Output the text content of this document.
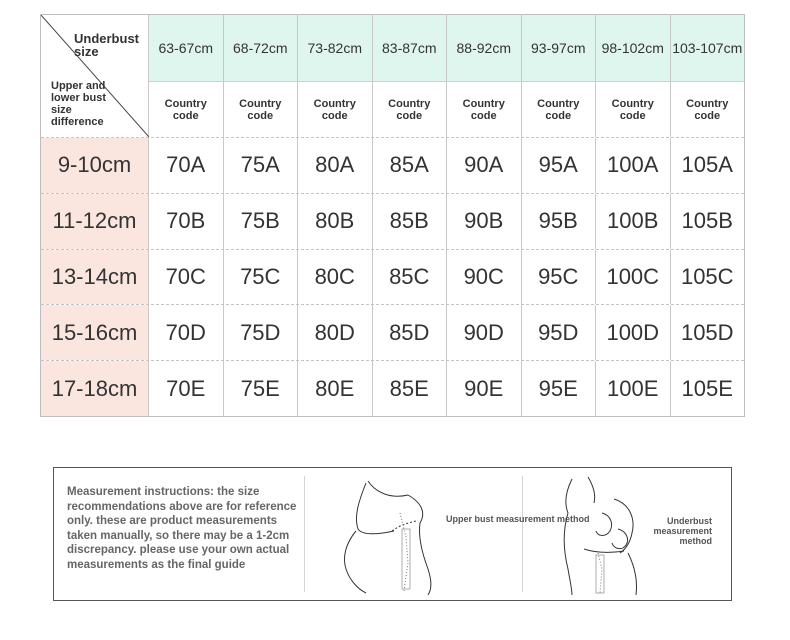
Underbust
size
Upper and
lower bust
size
difference
63-67cm	68-72cm	73-82cm	83-87cm	88-92cm	93-97cm	98-102cm 103-107cm
Country
code
Country
code
Country
code
Country
code
Country
code
Country
code
Country
code
Country
code
9-10cm	70A	75A	80A	85A	90A	95A	100A	105A
11-12cm	70B	75B	80B	85B	90B	95B	100B	105B
13-14cm	70C	75C	80C	85C	90C	95C	100C 105C
15-16cm	70D	75D	80D	85D	90D	95D	100D 105D
17-18cm	70E	75E	80E	85E	90E	95E	100E	105E
Measurement instructions: the size recommendations above are for reference only. these are product measurements taken manually, so there may be a 1-2cm discrepancy. please use your own actual measurements as the final guide
Upper bust measurement method	Underbust measurement method
